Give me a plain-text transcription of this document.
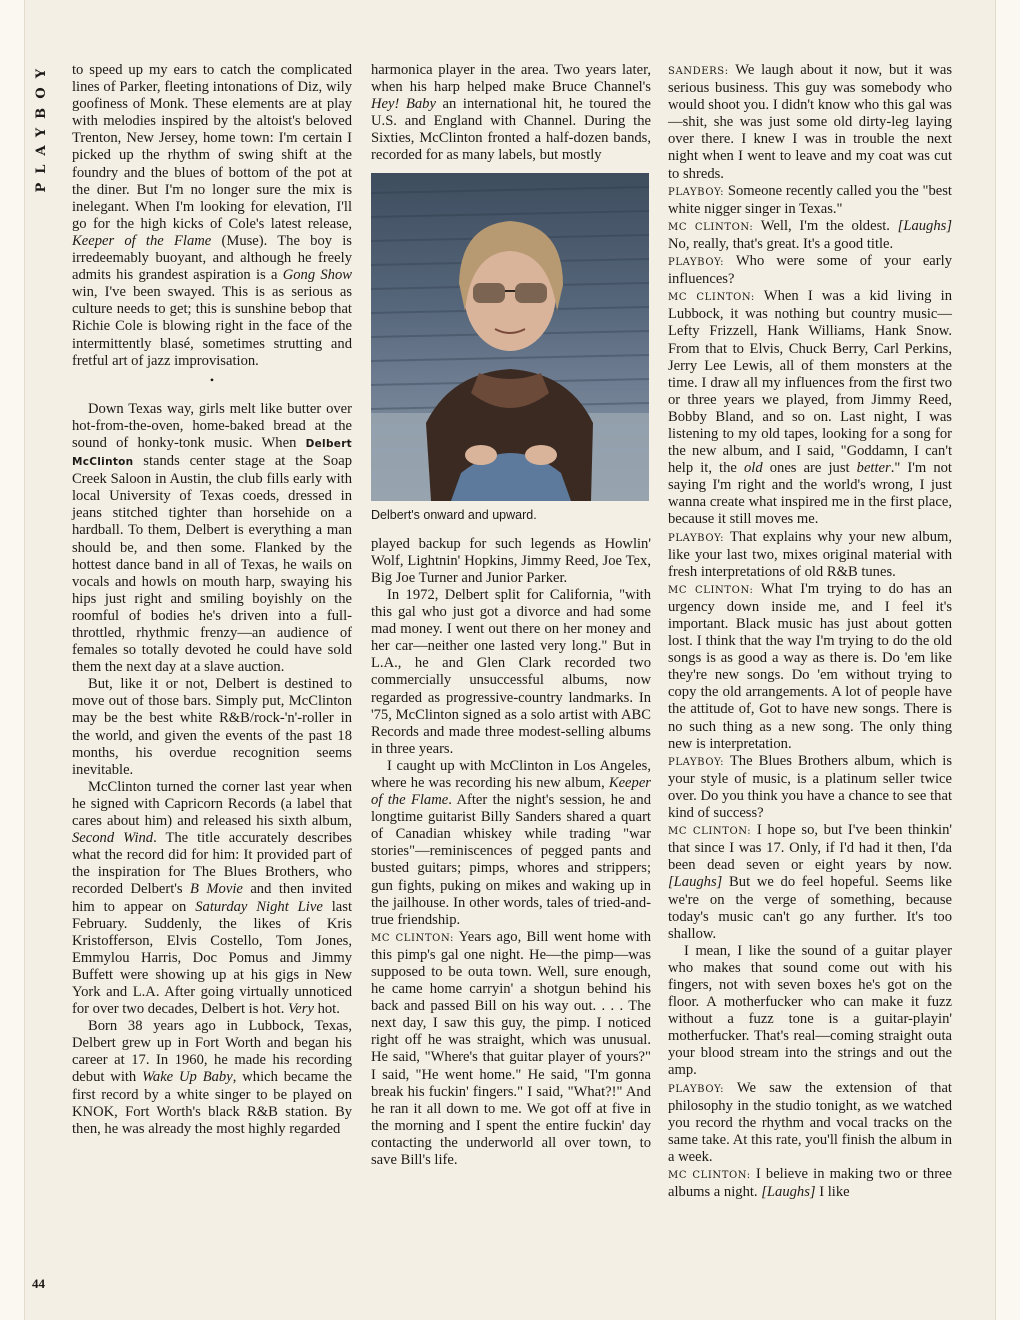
PLAYBOY
44

to speed up my ears to catch the complicated lines of Parker, fleeting intonations of Diz, wily goofiness of Monk. These elements are at play with melodies inspired by the altoist's beloved Trenton, New Jersey, home town: I'm certain I picked up the rhythm of swing shift at the foundry and the blues of bottom of the pot at the diner. But I'm no longer sure the mix is inelegant. When I'm looking for elevation, I'll go for the high kicks of Cole's latest release, Keeper of the Flame (Muse). The boy is irredeemably buoyant, and although he freely admits his grandest aspiration is a Gong Show win, I've been swayed. This is as serious as culture needs to get; this is sunshine bebop that Richie Cole is blowing right in the face of the intermittently blasé, sometimes strutting and fretful art of jazz improvisation.

•

Down Texas way, girls melt like butter over hot-from-the-oven, home-baked bread at the sound of honky-tonk music. When Delbert McClinton stands center stage at the Soap Creek Saloon in Austin, the club fills early with local University of Texas coeds, dressed in jeans stitched tighter than horsehide on a hardball. To them, Delbert is everything a man should be, and then some. Flanked by the hottest dance band in all of Texas, he wails on vocals and howls on mouth harp, swaying his hips just right and smiling boyishly on the roomful of bodies he's driven into a full-throttled, rhythmic frenzy—an audience of females so totally devoted he could have sold them the next day at a slave auction.

But, like it or not, Delbert is destined to move out of those bars. Simply put, McClinton may be the best white R&B/rock-'n'-roller in the world, and given the events of the past 18 months, his overdue recognition seems inevitable.

McClinton turned the corner last year when he signed with Capricorn Records (a label that cares about him) and released his sixth album, Second Wind. The title accurately describes what the record did for him: It provided part of the inspiration for The Blues Brothers, who recorded Delbert's B Movie and then invited him to appear on Saturday Night Live last February. Suddenly, the likes of Kris Kristofferson, Elvis Costello, Tom Jones, Emmylou Harris, Doc Pomus and Jimmy Buffett were showing up at his gigs in New York and L.A. After going virtually unnoticed for over two decades, Delbert is hot. Very hot.

Born 38 years ago in Lubbock, Texas, Delbert grew up in Fort Worth and began his career at 17. In 1960, he made his recording debut with Wake Up Baby, which became the first record by a white singer to be played on KNOK, Fort Worth's black R&B station. By then, he was already the most highly regarded

harmonica player in the area. Two years later, when his harp helped make Bruce Channel's Hey! Baby an international hit, he toured the U.S. and England with Channel. During the Sixties, McClinton fronted a half-dozen bands, recorded for as many labels, but mostly

Delbert's onward and upward.

played backup for such legends as Howlin' Wolf, Lightnin' Hopkins, Jimmy Reed, Joe Tex, Big Joe Turner and Junior Parker.

In 1972, Delbert split for California, "with this gal who just got a divorce and had some mad money. I went out there on her money and her car—neither one lasted very long." But in L.A., he and Glen Clark recorded two commercially unsuccessful albums, now regarded as progressive-country landmarks. In '75, McClinton signed as a solo artist with ABC Records and made three modest-selling albums in three years.

I caught up with McClinton in Los Angeles, where he was recording his new album, Keeper of the Flame. After the night's session, he and longtime guitarist Billy Sanders shared a quart of Canadian whiskey while trading "war stories"—reminiscences of pegged pants and busted guitars; pimps, whores and strippers; gun fights, puking on mikes and waking up in the jailhouse. In other words, tales of tried-and-true friendship.

MC CLINTON: Years ago, Bill went home with this pimp's gal one night. He—the pimp—was supposed to be outa town. Well, sure enough, he came home carryin' a shotgun behind his back and passed Bill on his way out. . . . The next day, I saw this guy, the pimp. I noticed right off he was straight, which was unusual. He said, "Where's that guitar player of yours?" I said, "He went home." He said, "I'm gonna break his fuckin' fingers." I said, "What?!" And he ran it all down to me. We got off at five in the morning and I spent the entire fuckin' day contacting the underworld all over town, to save Bill's life.

SANDERS: We laugh about it now, but it was serious business. This guy was somebody who would shoot you. I didn't know who this gal was—shit, she was just some old dirty-leg laying over there. I knew I was in trouble the next night when I went to leave and my coat was cut to shreds.

PLAYBOY: Someone recently called you the "best white nigger singer in Texas."

MC CLINTON: Well, I'm the oldest. [Laughs] No, really, that's great. It's a good title.

PLAYBOY: Who were some of your early influences?

MC CLINTON: When I was a kid living in Lubbock, it was nothing but country music—Lefty Frizzell, Hank Williams, Hank Snow. From that to Elvis, Chuck Berry, Carl Perkins, Jerry Lee Lewis, all of them monsters at the time. I draw all my influences from the first two or three years we played, from Jimmy Reed, Bobby Bland, and so on. Last night, I was listening to my old tapes, looking for a song for the new album, and I said, "Goddamn, I can't help it, the old ones are just better." I'm not saying I'm right and the world's wrong, I just wanna create what inspired me in the first place, because it still moves me.

PLAYBOY: That explains why your new album, like your last two, mixes original material with fresh interpretations of old R&B tunes.

MC CLINTON: What I'm trying to do has an urgency down inside me, and I feel it's important. Black music has just about gotten lost. I think that the way I'm trying to do the old songs is as good a way as there is. Do 'em like they're new songs. Do 'em without trying to copy the old arrangements. A lot of people have the attitude of, Got to have new songs. There is no such thing as a new song. The only thing new is interpretation.

PLAYBOY: The Blues Brothers album, which is your style of music, is a platinum seller twice over. Do you think you have a chance to see that kind of success?

MC CLINTON: I hope so, but I've been thinkin' that since I was 17. Only, if I'd had it then, I'da been dead seven or eight years by now. [Laughs] But we do feel hopeful. Seems like we're on the verge of something, because today's music can't go any further. It's too shallow.

I mean, I like the sound of a guitar player who makes that sound come out with his fingers, not with seven boxes he's got on the floor. A motherfucker who can make it fuzz without a fuzz tone is a guitar-playin' motherfucker. That's real—coming straight outa your blood stream into the strings and out the amp.

PLAYBOY: We saw the extension of that philosophy in the studio tonight, as we watched you record the rhythm and vocal tracks on the same take. At this rate, you'll finish the album in a week.

MC CLINTON: I believe in making two or three albums a night. [Laughs] I like
